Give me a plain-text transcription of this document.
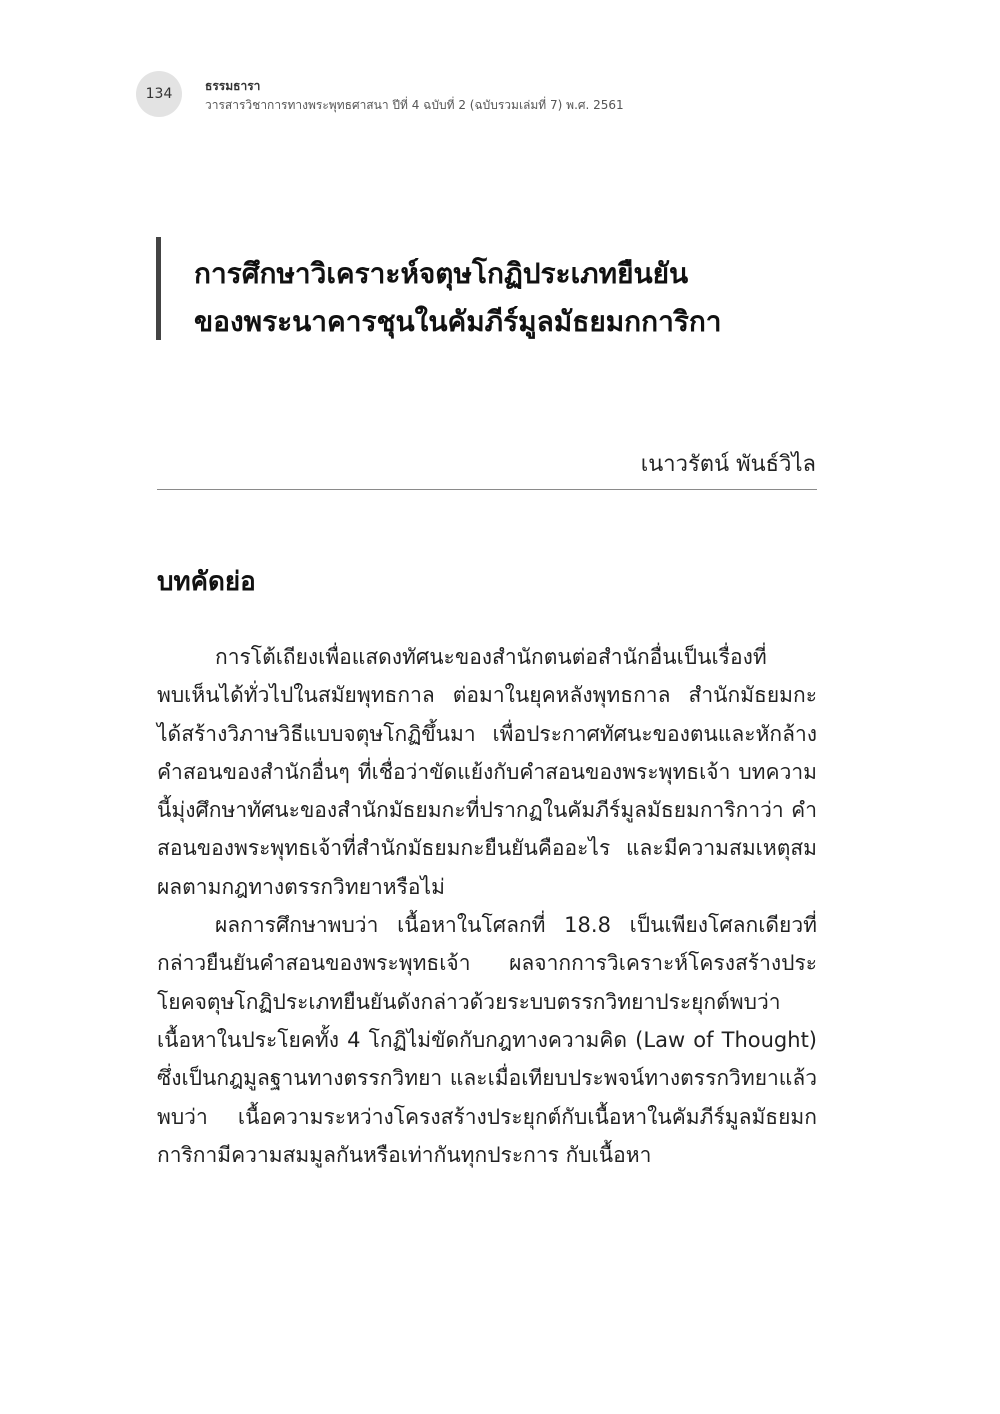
134	ธรรมธารา
วารสารวิชาการทางพระพุทธศาสนา ปีที่ 4 ฉบับที่ 2 (ฉบับรวมเล่มที่ 7) พ.ศ. 2561
การศึกษาวิเคราะห์จตุษโกฏิประเภทยืนยัน
ของพระนาคารชุนในคัมภีร์มูลมัธยมกการิกา
เนาวรัตน์ พันธ์วิไล
บทคัดย่อ

การโต้เถียงเพื่อแสดงทัศนะของสำนักตนต่อสำนักอื่นเป็นเรื่องที่พบเห็นได้ทั่วไปในสมัยพุทธกาล ต่อมาในยุคหลังพุทธกาล สำนักมัธยมกะได้สร้างวิภาษวิธีแบบจตุษโกฏิขึ้นมา เพื่อประกาศทัศนะของตนและหักล้างคำสอนของสำนักอื่นๆ ที่เชื่อว่าขัดแย้งกับคำสอนของพระพุทธเจ้า บทความนี้มุ่งศึกษาทัศนะของสำนักมัธยมกะที่ปรากฏในคัมภีร์มูลมัธยมการิกาว่า คำสอนของพระพุทธเจ้าที่สำนักมัธยมกะยืนยันคืออะไร และมีความสมเหตุสมผลตามกฎทางตรรกวิทยาหรือไม่

ผลการศึกษาพบว่า เนื้อหาในโศลกที่ 18.8 เป็นเพียงโศลกเดียวที่กล่าวยืนยันคำสอนของพระพุทธเจ้า ผลจากการวิเคราะห์โครงสร้างประโยคจตุษโกฏิประเภทยืนยันดังกล่าวด้วยระบบตรรกวิทยาประยุกต์พบว่า เนื้อหาในประโยคทั้ง 4 โกฏิไม่ขัดกับกฎทางความคิด (Law of Thought) ซึ่งเป็นกฎมูลฐานทางตรรกวิทยา และเมื่อเทียบประพจน์ทางตรรกวิทยาแล้วพบว่า เนื้อความระหว่างโครงสร้างประยุกต์กับเนื้อหาในคัมภีร์มูลมัธยมกการิกามีความสมมูลกันหรือเท่ากันทุกประการ กับเนื้อหา
